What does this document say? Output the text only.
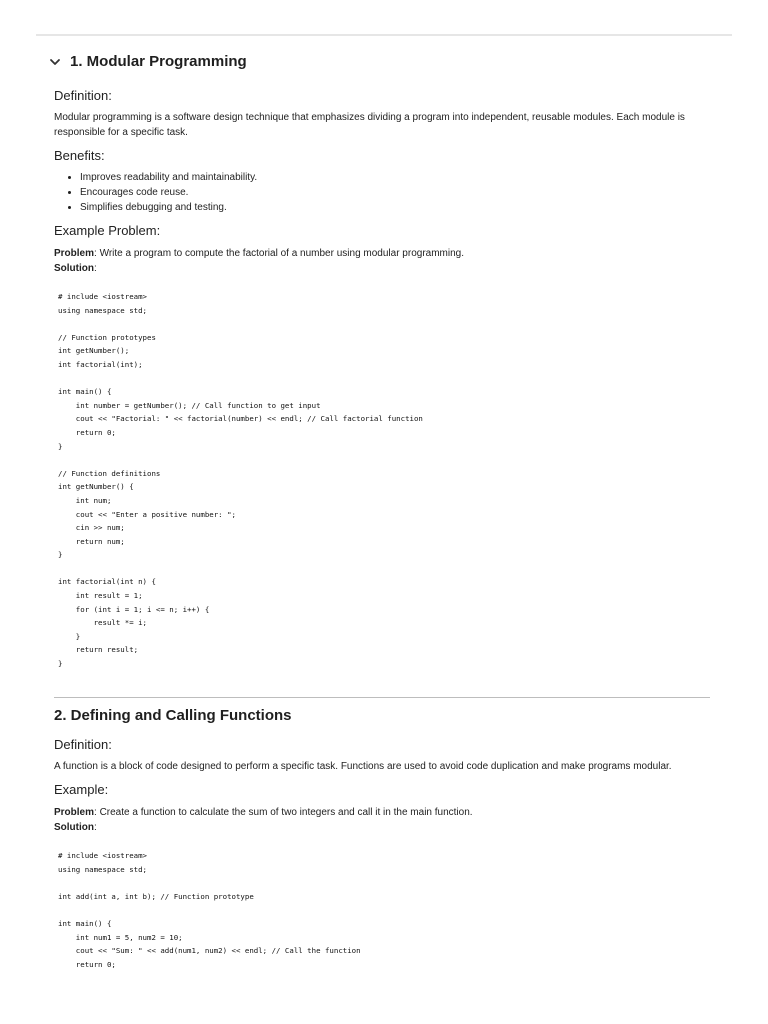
1. Modular Programming
Definition:

Modular programming is a software design technique that emphasizes dividing a program into independent, reusable modules. Each module is responsible for a specific task.

Benefits:
• Improves readability and maintainability.
• Encourages code reuse.
• Simplifies debugging and testing.
Example Problem:

Problem: Write a program to compute the factorial of a number using modular programming.

Solution:

# include <iostream>
using namespace std;

// Function prototypes
int getNumber();
int factorial(int);

int main() {
int number = getNumber(); // Call function to get input
cout << "Factorial: " << factorial(number) << endl; // Call factorial function
return 0;
}

// Function definitions
int getNumber() {
int num;
cout << "Enter a positive number: ";
cin >> num;
return num;
}

int factorial(int n) {
int result = 1;
for (int i = 1; i <= n; i++) {
result *= i;
}
return result;
}
2. Defining and Calling Functions
Definition:

A function is a block of code designed to perform a specific task. Functions are used to avoid code duplication and make programs modular.

Example:

Problem: Create a function to calculate the sum of two integers and call it in the main function.

Solution:

# include <iostream>
using namespace std;

int add(int a, int b); // Function prototype

int main() {
int num1 = 5, num2 = 10;
cout << "Sum: " << add(num1, num2) << endl; // Call the function
return 0;
